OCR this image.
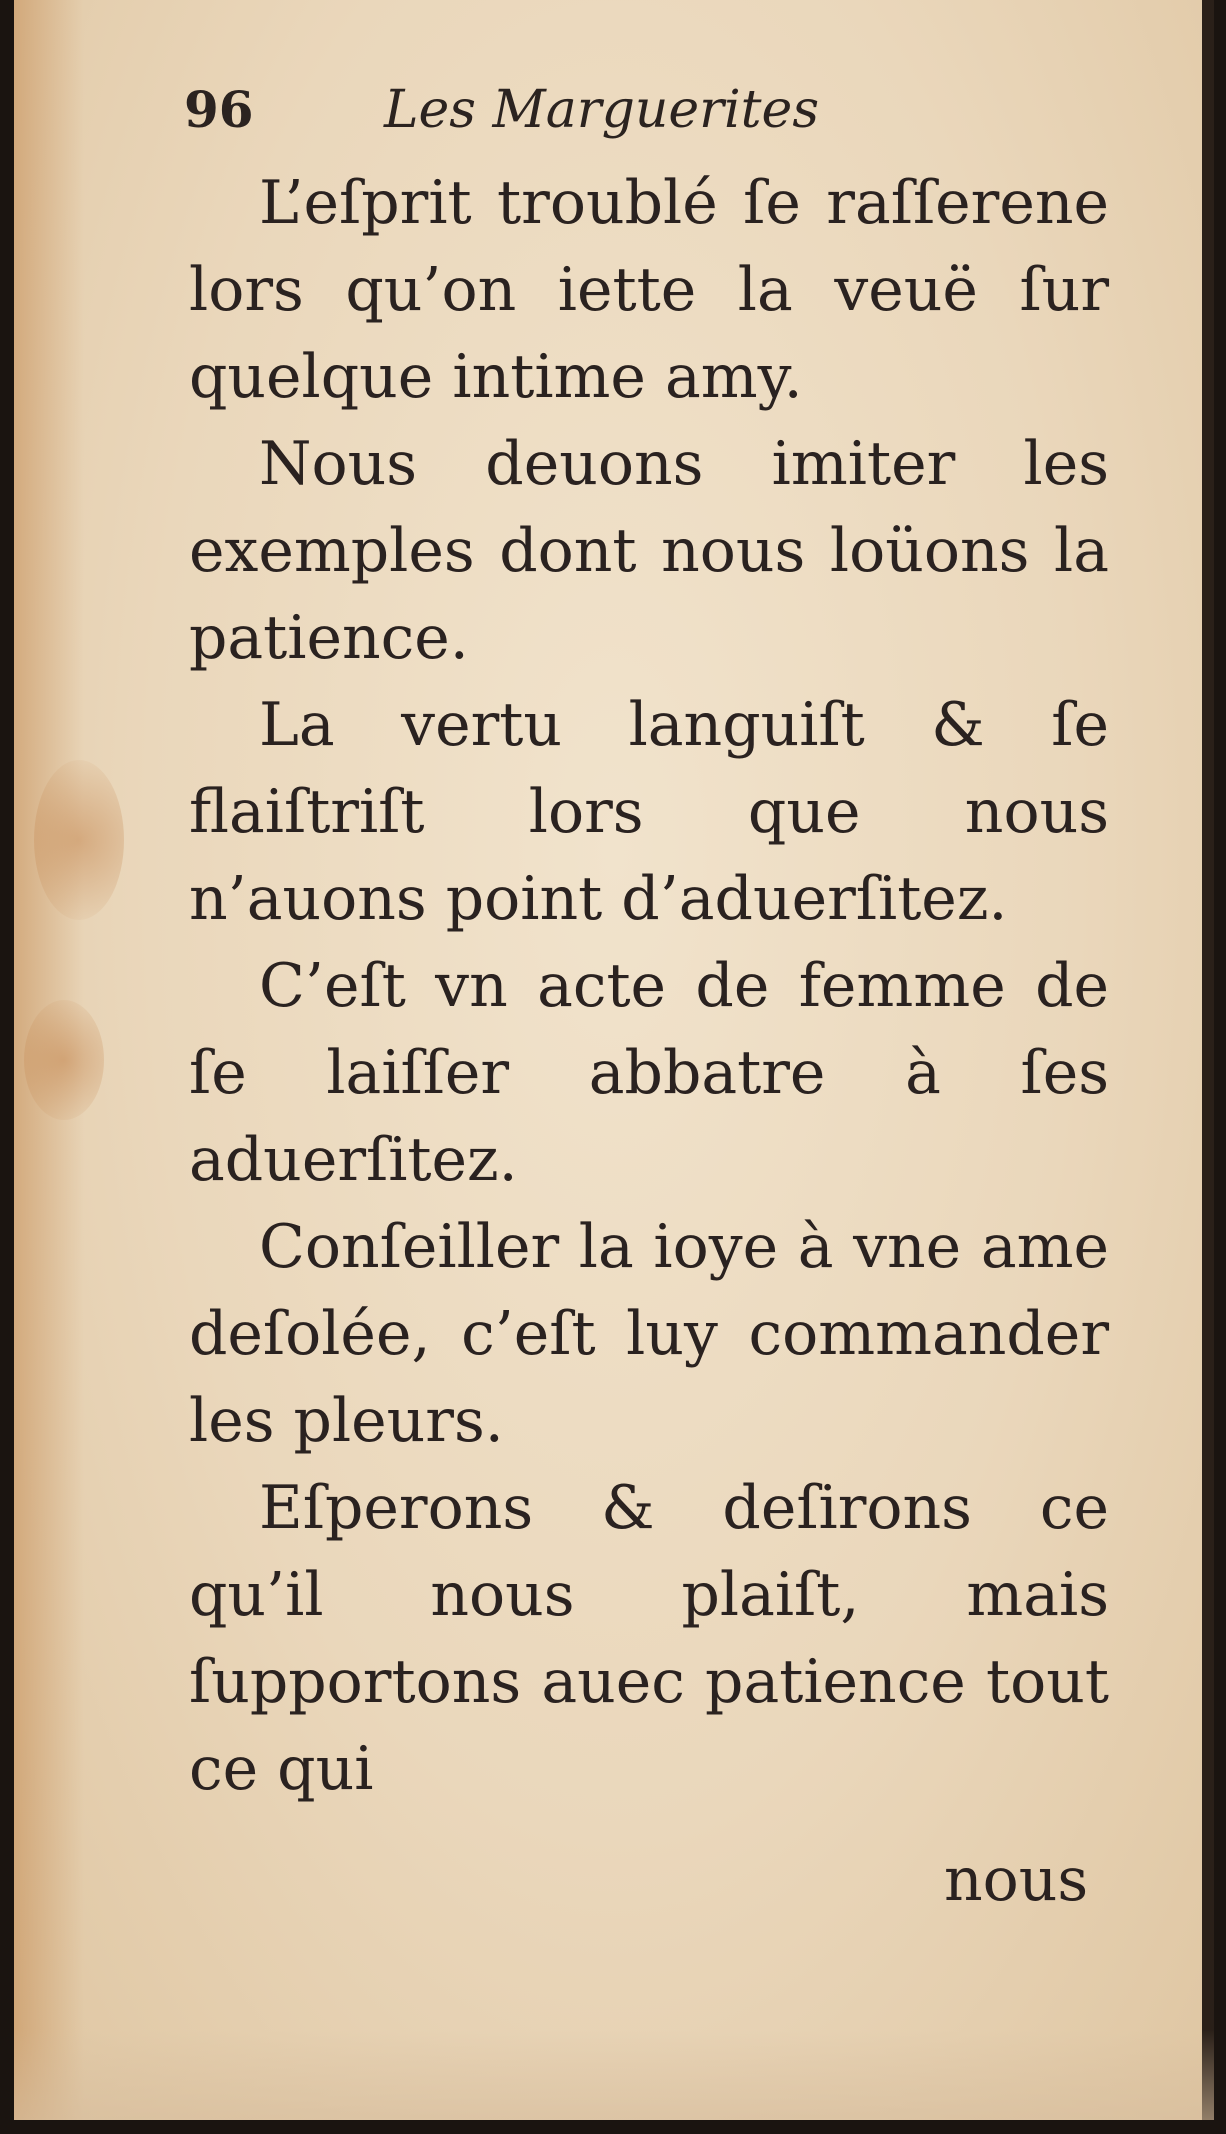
96	Les Marguerites

L’eſprit troublé ſe raſſerene lors qu’on iette la veuë ſur quelque intime amy.

Nous deuons imiter les exemples dont nous loüons la patience.

La vertu languiſt & ſe flaiſtriſt lors que nous n’auons point d’aduerſitez.

C’eſt vn acte de femme de ſe laiſſer abbatre à ſes aduerſitez.

Conſeiller la ioye à vne ame deſolée, c’eſt luy commander les pleurs.

Eſperons & deſirons ce qu’il nous plaiſt, mais ſupportons auec patience tout ce qui

nous
